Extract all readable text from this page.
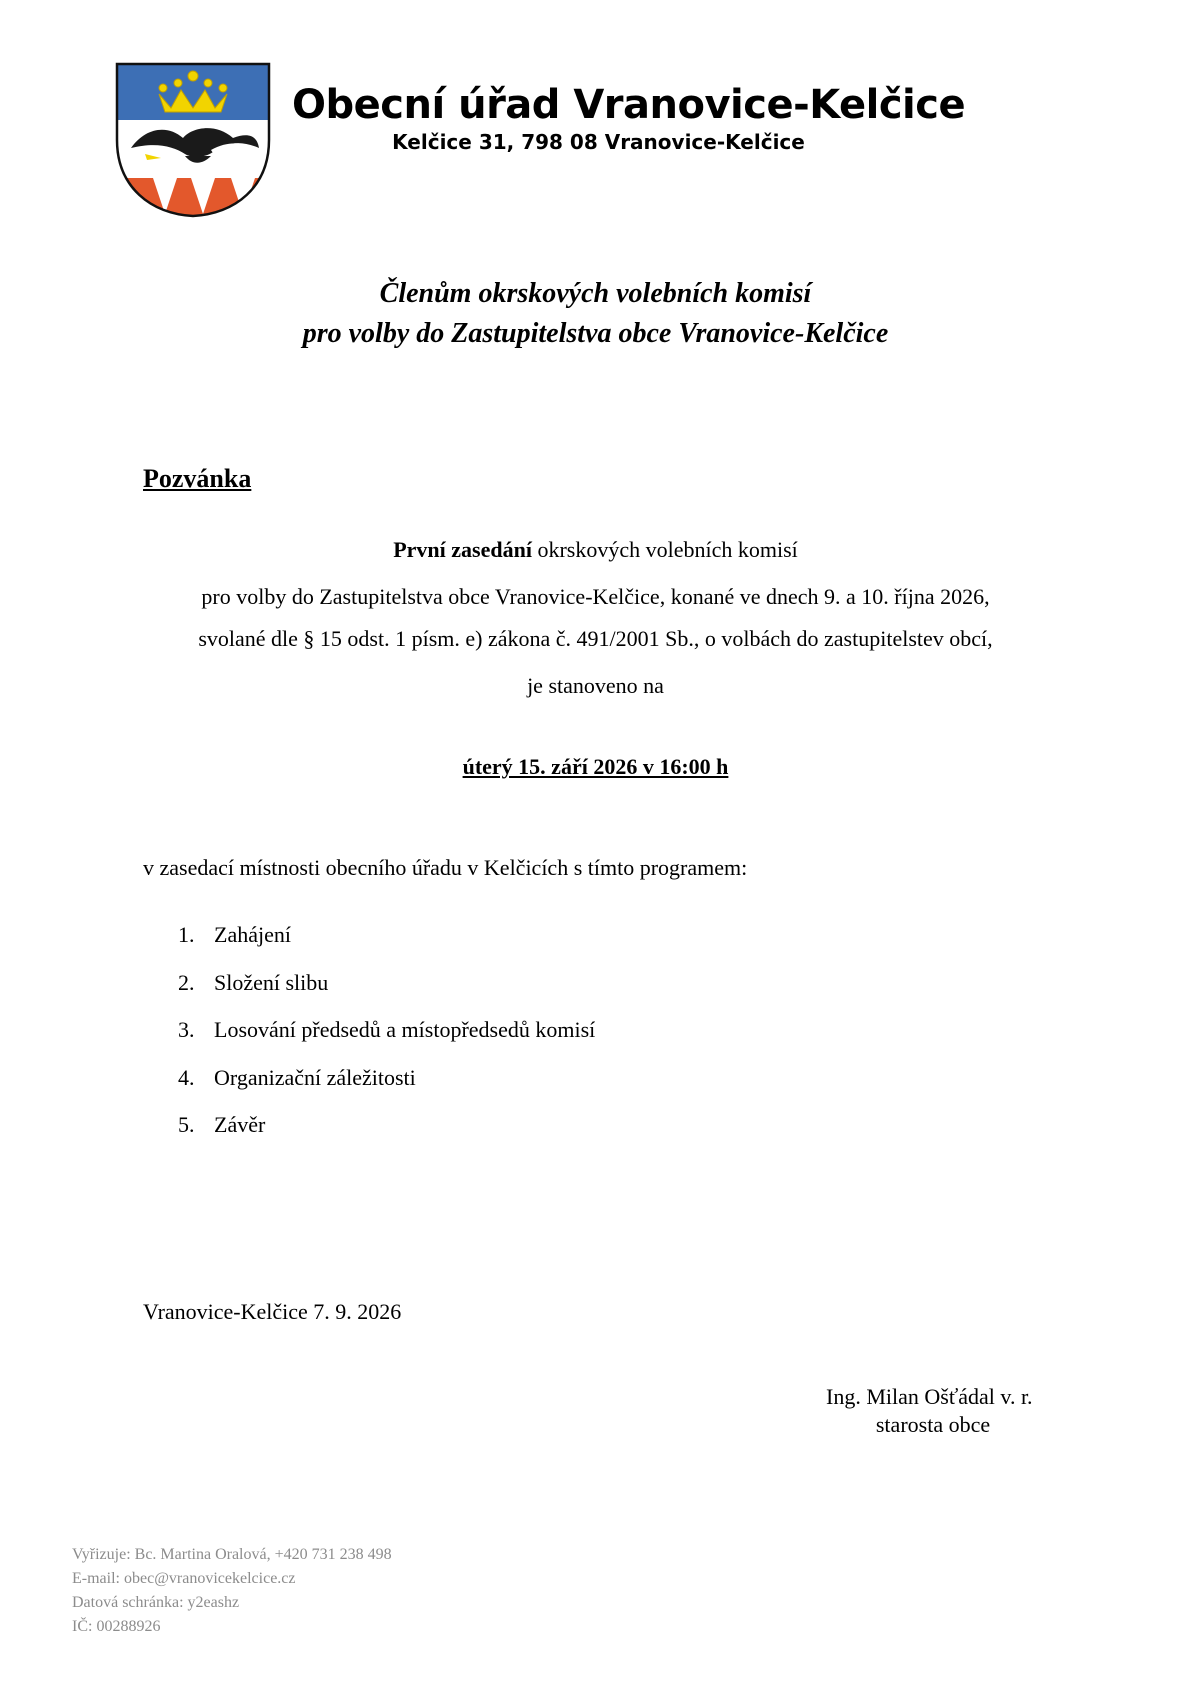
Obecní úřad Vranovice-Kelčice
Kelčice 31, 798 08 Vranovice-Kelčice
Členům okrskových volebních komisí
pro volby do Zastupitelstva obce Vranovice-Kelčice
Pozvánka
První zasedání okrskových volebních komisí
pro volby do Zastupitelstva obce Vranovice-Kelčice, konané ve dnech 9. a 10. října 2026,
svolané dle § 15 odst. 1 písm. e) zákona č. 491/2001 Sb., o volbách do zastupitelstev obcí,
je stanoveno na
úterý 15. září 2026 v 16:00 h
v zasedací místnosti obecního úřadu v Kelčicích s tímto programem:
1. Zahájení
2. Složení slibu
3. Losování předsedů a místopředsedů komisí
4. Organizační záležitosti
5. Závěr
Vranovice-Kelčice 7. 9. 2026
Ing. Milan Ošťádal v. r.
starosta obce
Vyřizuje: Bc. Martina Oralová, +420 731 238 498
E-mail: obec@vranovicekelcice.cz
Datová schránka: y2eashz
IČ: 00288926
